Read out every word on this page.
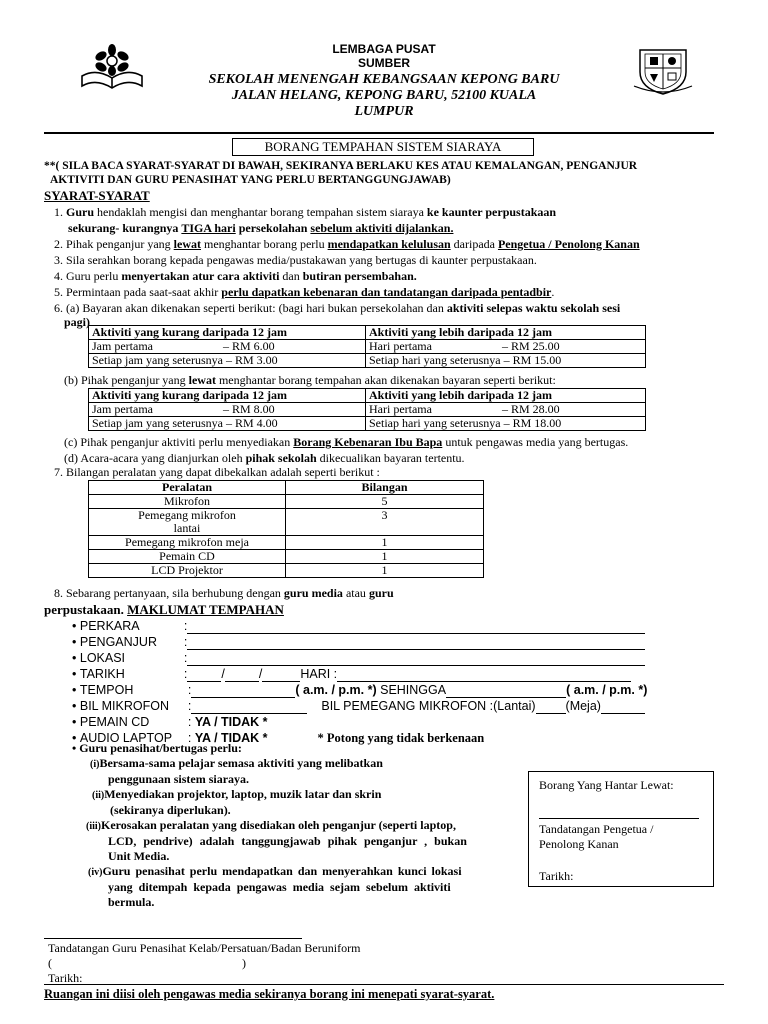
LEMBAGA PUSAT
SUMBER
SEKOLAH MENENGAH KEBANGSAAN KEPONG BARU
JALAN HELANG, KEPONG BARU, 52100 KUALA
LUMPUR
BORANG TEMPAHAN SISTEM SIARAYA
**( SILA BACA SYARAT-SYARAT DI BAWAH, SEKIRANYA BERLAKU KES ATAU KEMALANGAN, PENGANJUR
AKTIVITI DAN GURU PENASIHAT YANG PERLU BERTANGGUNGJAWAB)
SYARAT-SYARAT
1. Guru hendaklah mengisi dan menghantar borang tempahan sistem siaraya ke kaunter perpustakaan
sekurang- kurangnya TIGA hari persekolahan sebelum aktiviti dijalankan.
2. Pihak penganjur yang lewat menghantar borang perlu mendapatkan kelulusan daripada Pengetua / Penolong Kanan
3. Sila serahkan borang kepada pengawas media/pustakawan yang bertugas di kaunter perpustakaan.
4. Guru perlu menyertakan atur cara aktiviti dan butiran persembahan.
5. Permintaan pada saat-saat akhir perlu dapatkan kebenaran dan tandatangan daripada pentadbir.
6. (a) Bayaran akan dikenakan seperti berikut: (bagi hari bukan persekolahan dan aktiviti selepas waktu sekolah sesi
pagi)
Aktiviti yang kurang daripada 12 jam	Aktiviti yang lebih daripada 12 jam
Jam pertama – RM 6.00	Hari pertama – RM 25.00
Setiap jam yang seterusnya – RM 3.00	Setiap hari yang seterusnya – RM 15.00
(b) Pihak penganjur yang lewat menghantar borang tempahan akan dikenakan bayaran seperti berikut:
Aktiviti yang kurang daripada 12 jam	Aktiviti yang lebih daripada 12 jam
Jam pertama – RM 8.00	Hari pertama – RM 28.00
Setiap jam yang seterusnya – RM 4.00	Setiap hari yang seterusnya – RM 18.00
(c) Pihak penganjur aktiviti perlu menyediakan Borang Kebenaran Ibu Bapa untuk pengawas media yang bertugas.
(d) Acara-acara yang dianjurkan oleh pihak sekolah dikecualikan bayaran tertentu.
7. Bilangan peralatan yang dapat dibekalkan adalah seperti berikut :
Peralatan	Bilangan
Mikrofon	5
Pemegang mikrofon lantai	3
Pemegang mikrofon meja	1
Pemain CD	1
LCD Projektor	1
8. Sebarang pertanyaan, sila berhubung dengan guru media atau guru
perpustakaan. MAKLUMAT TEMPAHAN
• PERKARA	:
• PENGANJUR :
• LOKASI	:
• TARIKH	:	/	/	HARI :
• TEMPOH	:	( a.m. / p.m. *) SEHINGGA	( a.m. / p.m. *)
• BIL MIKROFON :	BIL PEMEGANG MIKROFON :(Lantai) (Meja)
• PEMAIN CD	: YA / TIDAK *
• AUDIO LAPTOP : YA / TIDAK *	* Potong yang tidak berkenaan
• Guru penasihat/bertugas perlu:
(i)Bersama-sama pelajar semasa aktiviti yang melibatkan
penggunaan sistem siaraya.
(ii)Menyediakan projektor, laptop, muzik latar dan skrin
(sekiranya diperlukan).
(iii)Kerosakan peralatan yang disediakan oleh penganjur (seperti laptop,
LCD, pendrive) adalah tanggungjawab pihak penganjur , bukan
Unit Media.
(iv)Guru penasihat perlu mendapatkan dan menyerahkan kunci lokasi
yang ditempah kepada pengawas media sejam sebelum aktiviti
bermula.
Borang Yang Hantar Lewat:
Tandatangan Pengetua /
Penolong Kanan
Tarikh:
Tandatangan Guru Penasihat Kelab/Persatuan/Badan Beruniform
(	)
Tarikh:
Ruangan ini diisi oleh pengawas media sekiranya borang ini menepati syarat-syarat.
